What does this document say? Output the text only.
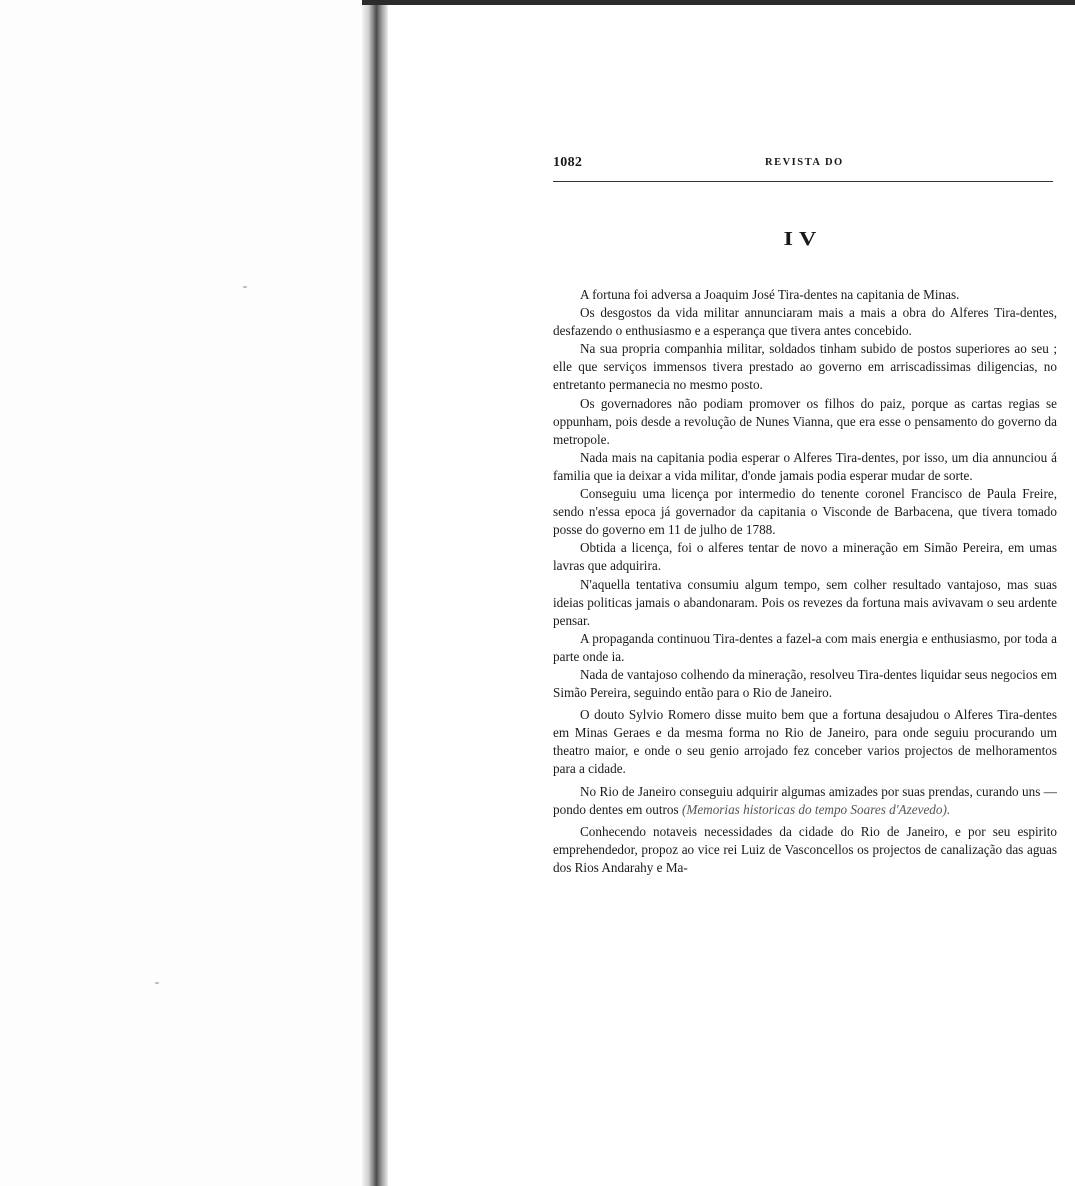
1082	REVISTA DO
IV

A fortuna foi adversa a Joaquim José Tira-dentes na capitania de Minas.

Os desgostos da vida militar annunciaram mais a mais a obra do Alferes Tira-dentes, desfazendo o enthusiasmo e a esperança que tivera antes concebido.

Na sua propria companhia militar, soldados tinham subido de postos superiores ao seu ; elle que serviços immensos tivera prestado ao governo em arriscadissimas diligencias, no entretanto permanecia no mesmo posto.

Os governadores não podiam promover os filhos do paiz, porque as cartas regias se oppunham, pois desde a revolução de Nunes Vianna, que era esse o pensamento do governo da metropole.

Nada mais na capitania podia esperar o Alferes Tira-dentes, por isso, um dia annunciou á familia que ia deixar a vida militar, d'onde jamais podia esperar mudar de sorte.

Conseguiu uma licença por intermedio do tenente coronel Francisco de Paula Freire, sendo n'essa epoca já governador da capitania o Visconde de Barbacena, que tivera tomado posse do governo em 11 de julho de 1788.

Obtida a licença, foi o alferes tentar de novo a mineração em Simão Pereira, em umas lavras que adquirira.

N'aquella tentativa consumiu algum tempo, sem colher resultado vantajoso, mas suas ideias politicas jamais o abandonaram. Pois os revezes da fortuna mais avivavam o seu ardente pensar.

A propaganda continuou Tira-dentes a fazel-a com mais energia e enthusiasmo, por toda a parte onde ia.

Nada de vantajoso colhendo da mineração, resolveu Tira-dentes liquidar seus negocios em Simão Pereira, seguindo então para o Rio de Janeiro.

O douto Sylvio Romero disse muito bem que a fortuna desajudou o Alferes Tira-dentes em Minas Geraes e da mesma forma no Rio de Janeiro, para onde seguiu procurando um theatro maior, e onde o seu genio arrojado fez conceber varios projectos de melhoramentos para a cidade.

No Rio de Janeiro conseguiu adquirir algumas amizades por suas prendas, curando uns — pondo dentes em outros (Memorias historicas do tempo Soares d'Azevedo).

Conhecendo notaveis necessidades da cidade do Rio de Janeiro, e por seu espirito emprehendedor, propoz ao vice rei Luiz de Vasconcellos os projectos de canalização das aguas dos Rios Andarahy e Ma-
